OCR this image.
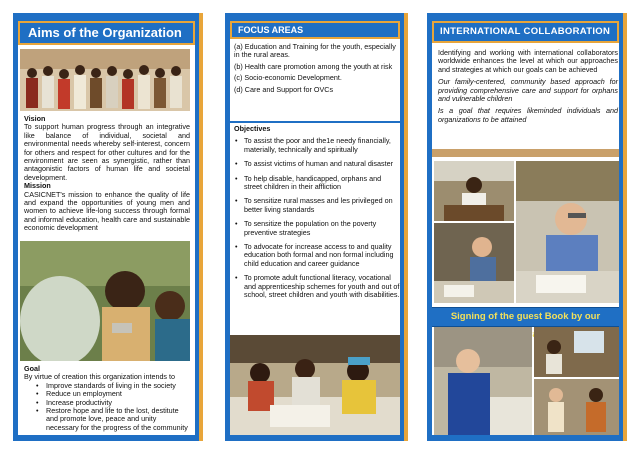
Aims of the Organization
Vision
To support human progress through an integrative like balance of individual, societal and environmental needs whereby self-interest, concern for others and respect for other cultures and for the environment are seen as synergistic, rather than antagonistic factors of human life and societal development.
Mission
CASICNET's mission to enhance the quality of life and expand the opportunities of young men and women to achieve life-long success through formal and informal education, health care and sustainable economic development
Goal
By virtue of creation this organization intends to
• Improve standards of living in the society
• Reduce un employment
• Increase productivity
• Restore hope and life to the lost, destitute and promote love, peace and unity necessary for the progress of the community
FOCUS AREAS
(a) Education and Training for the youth, especially in the rural areas.
(b) Health care promotion among the youth at risk
(c) Socio-economic Development.
(d) Care and Support for OVCs
Objectives
• To assist the poor and the1e needy financially, materially, technically and spiritually
• To assist victims of human and natural disaster
• To help disable, handicapped, orphans and street children in their affliction
• To sensitize rural masses and les privileged on better living standards
• To sensitize the population on the poverty preventive strategies
• To advocate for increase access to and quality education both formal and non formal including child education and career guidance
• To promote adult functional literacy, vocational and apprenticeship schemes for youth and out of school, street children and youth with disabilities.
INTERNATIONAL COLLABORATION
Identifying and working with international collaborators worldwide enhances the level at which our approaches and strategies at which our goals can be achieved
Our family-centered, community based approach for providing comprehensive care and support for orphans and vulnerable children
Is a goal that requires likeminded individuals and organizations to be attained
Signing of the guest Book by our
